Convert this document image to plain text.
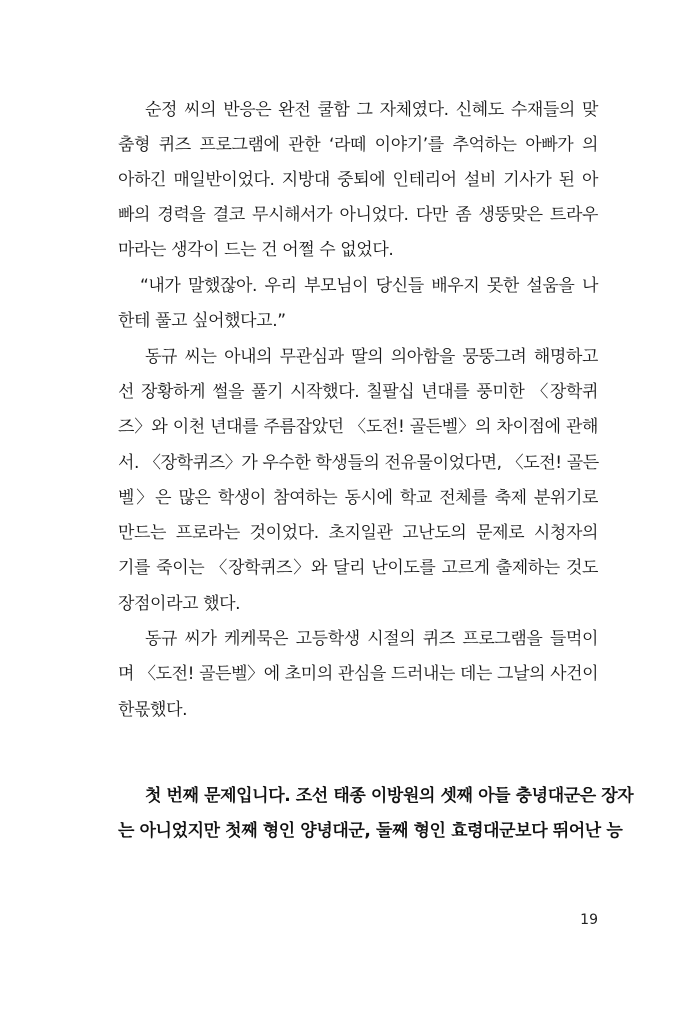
순정 씨의 반응은 완전 쿨함 그 자체였다. 신혜도 수재들의 맞
춤형 퀴즈 프로그램에 관한 ‘라떼 이야기’를 추억하는 아빠가 의
아하긴 매일반이었다. 지방대 중퇴에 인테리어 설비 기사가 된 아
빠의 경력을 결코 무시해서가 아니었다. 다만 좀 생뚱맞은 트라우
마라는 생각이 드는 건 어쩔 수 없었다.
“내가 말했잖아. 우리 부모님이 당신들 배우지 못한 설움을 나
한테 풀고 싶어했다고.”
동규 씨는 아내의 무관심과 딸의 의아함을 뭉뚱그려 해명하고
선 장황하게 썰을 풀기 시작했다. 칠팔십 년대를 풍미한 〈장학퀴
즈〉와 이천 년대를 주름잡았던 〈도전! 골든벨〉의 차이점에 관해
서. 〈장학퀴즈〉가 우수한 학생들의 전유물이었다면, 〈도전! 골든
벨〉은 많은 학생이 참여하는 동시에 학교 전체를 축제 분위기로
만드는 프로라는 것이었다. 초지일관 고난도의 문제로 시청자의
기를 죽이는 〈장학퀴즈〉와 달리 난이도를 고르게 출제하는 것도
장점이라고 했다.
동규 씨가 케케묵은 고등학생 시절의 퀴즈 프로그램을 들먹이
며 〈도전! 골든벨〉에 초미의 관심을 드러내는 데는 그날의 사건이
한몫했다.
첫 번째 문제입니다. 조선 태종 이방원의 셋째 아들 충녕대군은 장자
는 아니었지만 첫째 형인 양녕대군, 둘째 형인 효령대군보다 뛰어난 능
19
